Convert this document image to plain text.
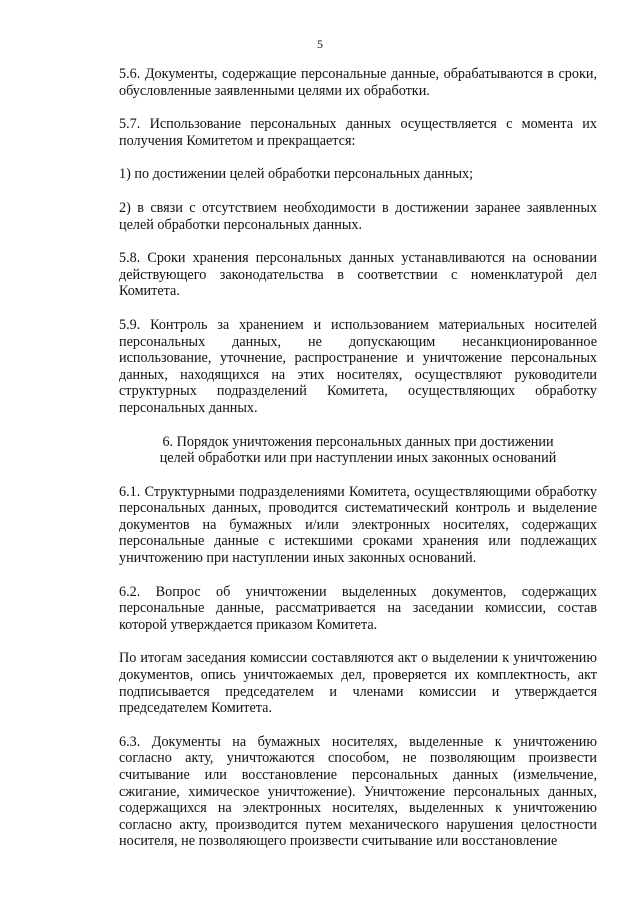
5

5.6. Документы, содержащие персональные данные, обрабатываются в сроки, обусловленные заявленными целями их обработки.

5.7. Использование персональных данных осуществляется с момента их получения Комитетом и прекращается:

1) по достижении целей обработки персональных данных;

2) в связи с отсутствием необходимости в достижении заранее заявленных целей обработки персональных данных.

5.8. Сроки хранения персональных данных устанавливаются на основании действующего законодательства в соответствии с номенклатурой дел Комитета.

5.9. Контроль за хранением и использованием материальных носителей персональных данных, не допускающим несанкционированное использование, уточнение, распространение и уничтожение персональных данных, находящихся на этих носителях, осуществляют руководители структурных подразделений Комитета, осуществляющих обработку персональных данных.

6. Порядок уничтожения персональных данных при достижении
целей обработки или при наступлении иных законных оснований

6.1. Структурными подразделениями Комитета, осуществляющими обработку персональных данных, проводится систематический контроль и выделение документов на бумажных и/или электронных носителях, содержащих персональные данные с истекшими сроками хранения или подлежащих уничтожению при наступлении иных законных оснований.

6.2. Вопрос об уничтожении выделенных документов, содержащих персональные данные, рассматривается на заседании комиссии, состав которой утверждается приказом Комитета.

По итогам заседания комиссии составляются акт о выделении к уничтожению документов, опись уничтожаемых дел, проверяется их комплектность, акт подписывается председателем и членами комиссии и утверждается председателем Комитета.

6.3. Документы на бумажных носителях, выделенные к уничтожению согласно акту, уничтожаются способом, не позволяющим произвести считывание или восстановление персональных данных (измельчение, сжигание, химическое уничтожение). Уничтожение персональных данных, содержащихся на электронных носителях, выделенных к уничтожению согласно акту, производится путем механического нарушения целостности носителя, не позволяющего произвести считывание или восстановление
